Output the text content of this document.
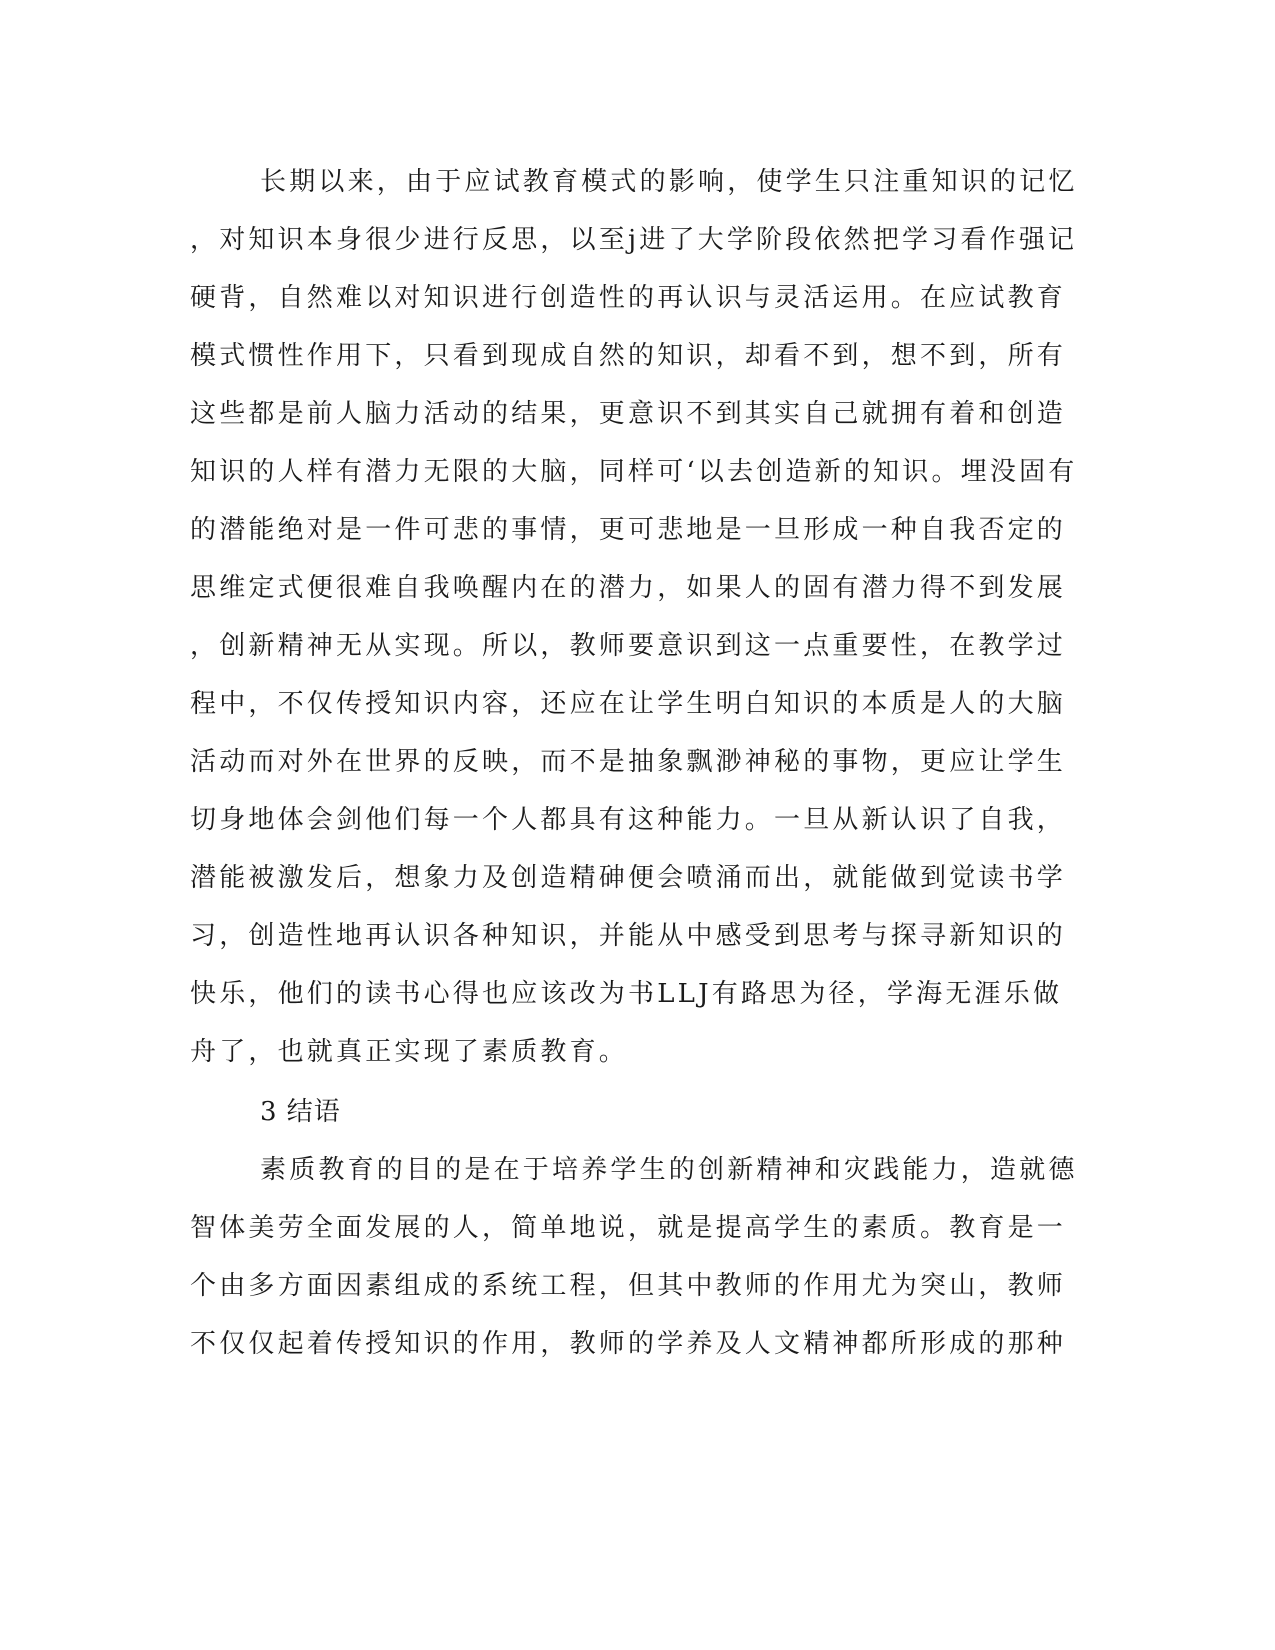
长期以来，由于应试教育模式的影响，使学生只注重知识的记忆
，对知识本身很少进行反思，以至j进了大学阶段依然把学习看作强记
硬背，自然难以对知识进行创造性的再认识与灵活运用。在应试教育
模式惯性作用下，只看到现成自然的知识，却看不到，想不到，所有
这些都是前人脑力活动的结果，更意识不到其实自己就拥有着和创造
知识的人样有潜力无限的大脑，同样可‘以去创造新的知识。埋没固有
的潜能绝对是一件可悲的事情，更可悲地是一旦形成一种自我否定的
思维定式便很难自我唤醒内在的潜力，如果人的固有潜力得不到发展
，创新精神无从实现。所以，教师要意识到这一点重要性，在教学过
程中，不仅传授知识内容，还应在让学生明白知识的本质是人的大脑
活动而对外在世界的反映，而不是抽象飘渺神秘的事物，更应让学生
切身地体会剑他们每一个人都具有这种能力。一旦从新认识了自我，
潜能被激发后，想象力及创造精砷便会喷涌而出，就能做到觉读书学
习，创造性地再认识各种知识，并能从中感受到思考与探寻新知识的
快乐，他们的读书心得也应该改为书LLJ有路思为径，学海无涯乐做
舟了，也就真正实现了素质教育。
3 结语
素质教育的目的是在于培养学生的创新精神和灾践能力，造就德
智体美劳全面发展的人，简单地说，就是提高学生的素质。教育是一
个由多方面因素组成的系统工程，但其中教师的作用尤为突山，教师
不仅仅起着传授知识的作用，教师的学养及人文精神都所形成的那种
